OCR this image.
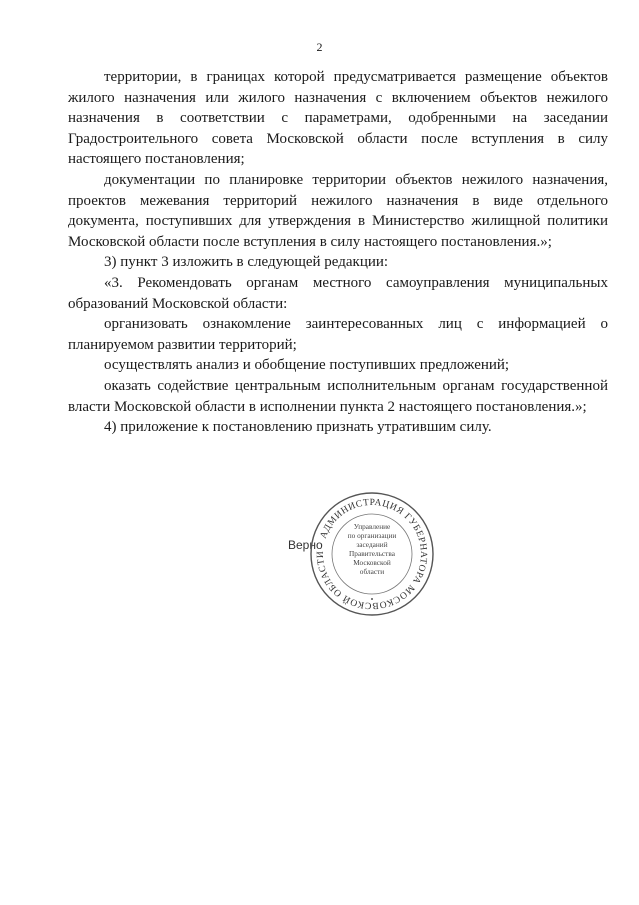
2

территории, в границах которой предусматривается размещение объектов жилого назначения или жилого назначения с включением объектов нежилого назначения в соответствии с параметрами, одобренными на заседании Градостроительного совета Московской области после вступления в силу настоящего постановления;

документации по планировке территории объектов нежилого назначения, проектов межевания территорий нежилого назначения в виде отдельного документа, поступивших для утверждения в Министерство жилищной политики Московской области после вступления в силу настоящего постановления.»;

3) пункт 3 изложить в следующей редакции:

«3. Рекомендовать органам местного самоуправления муниципальных образований Московской области:

организовать ознакомление заинтересованных лиц с информацией о планируемом развитии территорий;

осуществлять анализ и обобщение поступивших предложений;

оказать содействие центральным исполнительным органам государственной власти Московской области в исполнении пункта 2 настоящего постановления.»;

4) приложение к постановлению признать утратившим силу.

Верно
АДМИНИСТРАЦИЯ ГУБЕРНАТОРА МОСКОВСКОЙ ОБЛАСТИ
Управление
по организации
заседаний
Правительства
Московской
области
